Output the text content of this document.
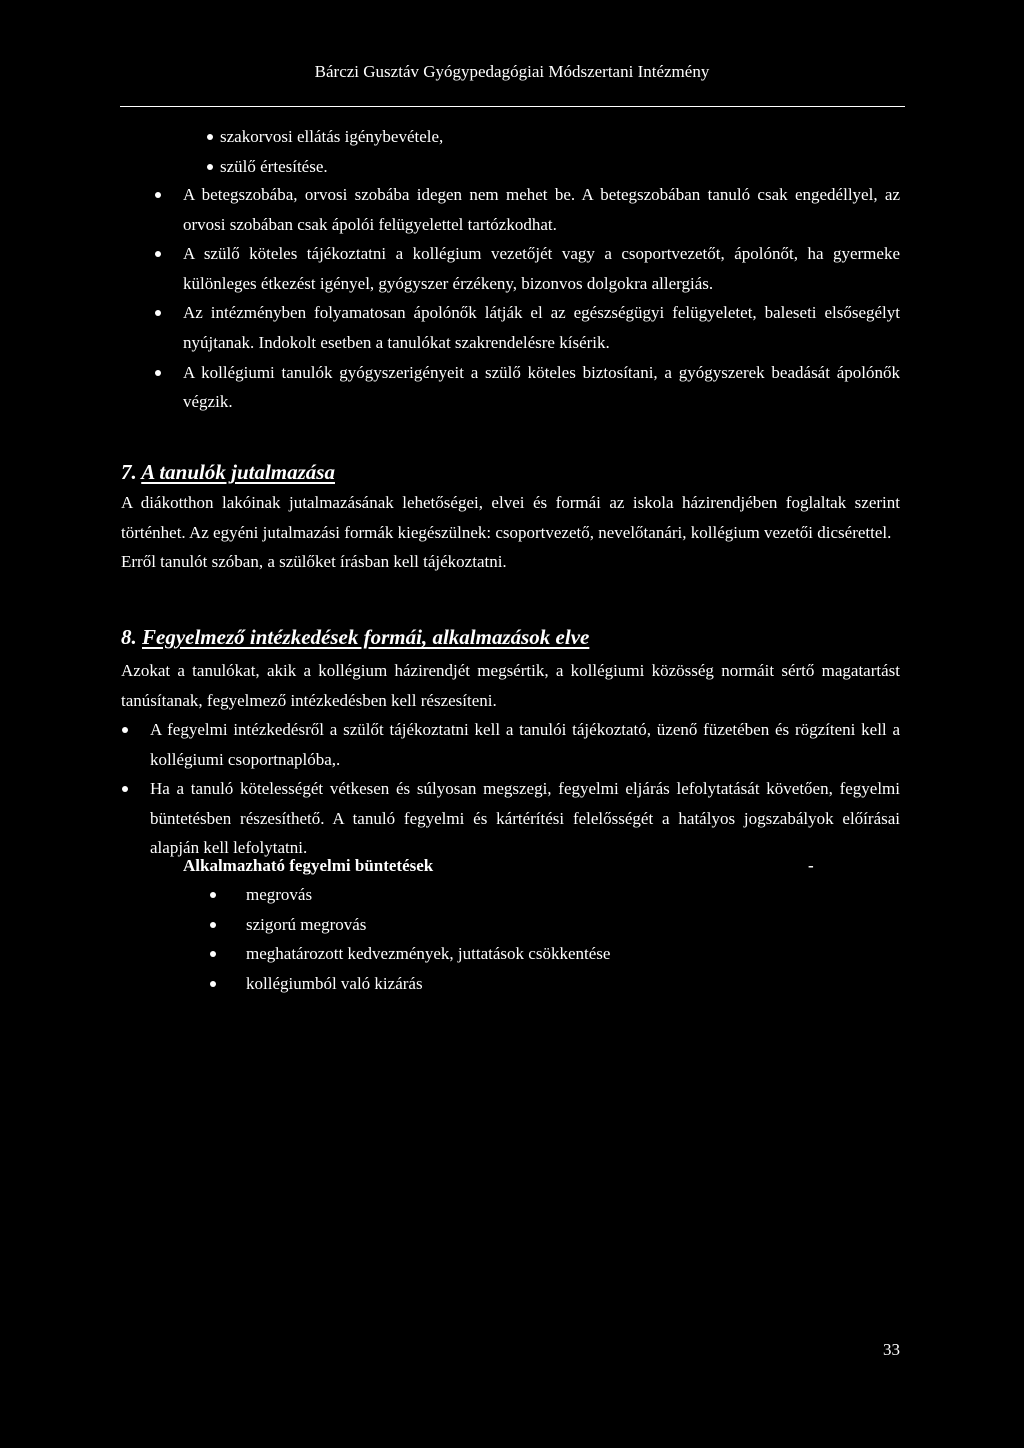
Bárczi Gusztáv Gyógypedagógiai Módszertani Intézmény
szakorvosi ellátás igénybevétele,
szülő értesítése.
A betegszobába, orvosi szobába idegen nem mehet be. A betegszobában tanuló csak engedéllyel, az orvosi szobában csak ápolói felügyelettel tartózkodhat.
A szülő köteles tájékoztatni a kollégium vezetőjét vagy a csoportvezetőt, ápolónőt, ha gyermeke különleges étkezést igényel, gyógyszer érzékeny, bizonvos dolgokra allergiás.
Az intézményben folyamatosan ápolónők látják el az egészségügyi felügyeletet, baleseti elsősegélyt nyújtanak. Indokolt esetben a tanulókat szakrendelésre kísérik.
A kollégiumi tanulók gyógyszerigényeit a szülő köteles biztosítani, a gyógyszerek beadását ápolónők végzik.
7. A tanulók jutalmazása
A diákotthon lakóinak jutalmazásának lehetőségei, elvei és formái az iskola házirendjében foglaltak szerint történhet. Az egyéni jutalmazási formák kiegészülnek: csoportvezető, nevelőtanári, kollégium vezetői dicsérettel.
Erről tanulót szóban, a szülőket írásban kell tájékoztatni.
8. Fegyelmező intézkedések formái, alkalmazások elve
Azokat a tanulókat, akik a kollégium házirendjét megsértik, a kollégiumi közösség normáit sértő magatartást tanúsítanak, fegyelmező intézkedésben kell részesíteni.
A fegyelmi intézkedésről a szülőt tájékoztatni kell a tanulói tájékoztató, üzenő füzetében és rögzíteni kell a kollégiumi csoportnaplóba,.
Ha a tanuló kötelességét vétkesen és súlyosan megszegi, fegyelmi eljárás lefolytatását követően, fegyelmi büntetésben részesíthető. A tanuló fegyelmi és kártérítési felelősségét a hatályos jogszabályok előírásai alapján kell lefolytatni.
Alkalmazható fegyelmi büntetések	-
megrovás
szigorú megrovás
meghatározott kedvezmények, juttatások csökkentése
kollégiumból való kizárás
33
